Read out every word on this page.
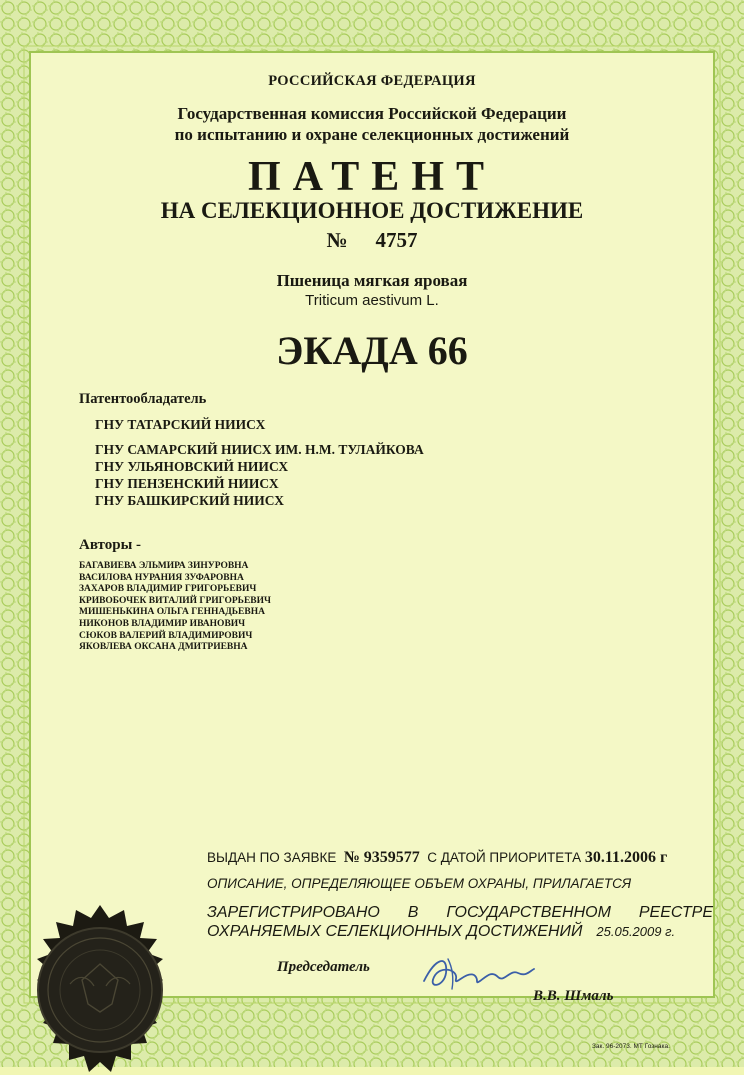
РОССИЙСКАЯ ФЕДЕРАЦИЯ

Государственная комиссия Российской Федерации
по испытанию и охране селекционных достижений

ПАТЕНТ

НА СЕЛЕКЦИОННОЕ ДОСТИЖЕНИЕ

№ 4757

Пшеница мягкая яровая

Triticum aestivum L.

ЭКАДА 66

Патентообладатель
ГНУ ТАТАРСКИЙ НИИСХ
ГНУ САМАРСКИЙ НИИСХ ИМ. Н.М. ТУЛАЙКОВА
ГНУ УЛЬЯНОВСКИЙ НИИСХ
ГНУ ПЕНЗЕНСКИЙ НИИСХ
ГНУ БАШКИРСКИЙ НИИСХ
Авторы -
БАГАВИЕВА ЭЛЬМИРА ЗИНУРОВНА
ВАСИЛОВА НУРАНИЯ ЗУФАРОВНА
ЗАХАРОВ ВЛАДИМИР ГРИГОРЬЕВИЧ
КРИВОБОЧЕК ВИТАЛИЙ ГРИГОРЬЕВИЧ
МИШЕНЬКИНА ОЛЬГА ГЕННАДЬЕВНА
НИКОНОВ ВЛАДИМИР ИВАНОВИЧ
СЮКОВ ВАЛЕРИЙ ВЛАДИМИРОВИЧ
ЯКОВЛЕВА ОКСАНА ДМИТРИЕВНА
ВЫДАН ПО ЗАЯВКЕ № 9359577 С ДАТОЙ ПРИОРИТЕТА 30.11.2006 г
ОПИСАНИЕ, ОПРЕДЕЛЯЮЩЕЕ ОБЪЕМ ОХРАНЫ, ПРИЛАГАЕТСЯ
ЗАРЕГИСТРИРОВАНО В ГОСУДАРСТВЕННОМ РЕЕСТРЕ
ОХРАНЯЕМЫХ СЕЛЕКЦИОННЫХ ДОСТИЖЕНИЙ 25.05.2009 г.
Председатель
В.В. Шмаль
Зак. 96-2073. МТ Гознака.
